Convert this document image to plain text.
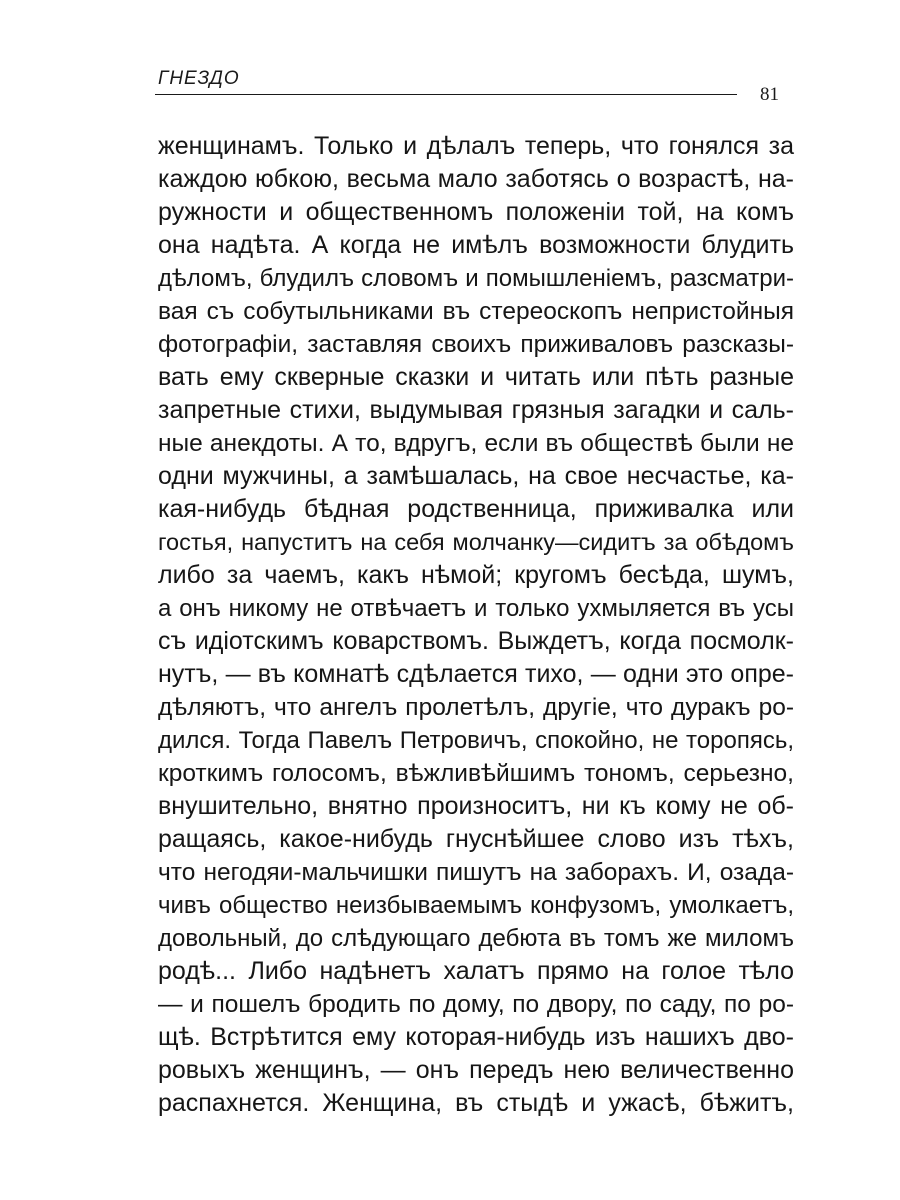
ГНЕЗДО
81
женщинамъ. Только и дѣлалъ теперь, что гонялся за
каждою юбкою, весьма мало заботясь о возрастѣ, на-
ружности и общественномъ положенiи той, на комъ
она надѣта. А когда не имѣлъ возможности блудить
дѣломъ, блудилъ словомъ и помышленiемъ, разсматри-
вая съ собутыльниками въ стереоскопъ непристойныя
фотографiи, заставляя своихъ приживаловъ разсказы-
вать ему скверные сказки и читать или пѣть разные
запретные стихи, выдумывая грязныя загадки и саль-
ные анекдоты. А то, вдругъ, если въ обществѣ были не
одни мужчины, а замѣшалась, на свое несчастье, ка-
кая-нибудь бѣдная родственница, приживалка или
гостья, напуститъ на себя молчанку—сидитъ за обѣдомъ
либо за чаемъ, какъ нѣмой; кругомъ бесѣда, шумъ,
а онъ никому не отвѣчаетъ и только ухмыляется въ усы
съ идiотскимъ коварствомъ. Выждетъ, когда посмолк-
нутъ, — въ комнатѣ сдѣлается тихо, — одни это опре-
дѣляютъ, что ангелъ пролетѣлъ, другiе, что дуракъ ро-
дился. Тогда Павелъ Петровичъ, спокойно, не торопясь,
кроткимъ голосомъ, вѣжливѣйшимъ тономъ, серьезно,
внушительно, внятно произноситъ, ни къ кому не об-
ращаясь, какое-нибудь гнуснѣйшее слово изъ тѣхъ,
что негодяи-мальчишки пишутъ на заборахъ. И, озада-
чивъ общество неизбываемымъ конфузомъ, умолкаетъ,
довольный, до слѣдующаго дебюта въ томъ же миломъ
родѣ... Либо надѣнетъ халатъ прямо на голое тѣло
— и пошелъ бродить по дому, по двору, по саду, по ро-
щѣ. Встрѣтится ему которая-нибудь изъ нашихъ дво-
ровыхъ женщинъ, — онъ передъ нею величественно
распахнется. Женщина, въ стыдѣ и ужасѣ, бѣжитъ,
